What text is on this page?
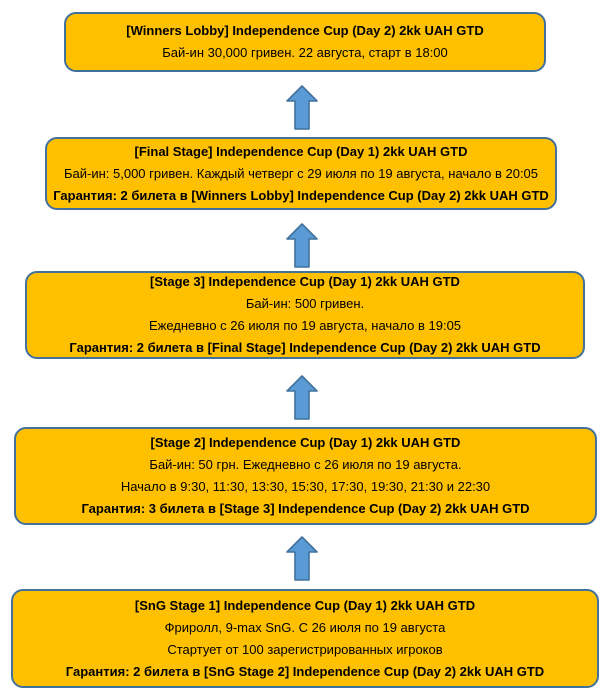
[Winners Lobby] Independence Cup (Day 2) 2kk UAH GTD
Бай-ин 30,000 гривен. 22 августа, старт в 18:00
[Final Stage] Independence Cup (Day 1) 2kk UAH GTD
Бай-ин: 5,000 гривен. Каждый четверг с 29 июля по 19 августа, начало в 20:05
Гарантия: 2 билета в [Winners Lobby] Independence Cup (Day 2) 2kk UAH GTD
[Stage 3] Independence Cup (Day 1) 2kk UAH GTD
Бай-ин: 500 гривен.
Ежедневно с 26 июля по 19 августа, начало в 19:05
Гарантия: 2 билета в [Final Stage] Independence Cup (Day 2) 2kk UAH GTD
[Stage 2] Independence Cup (Day 1) 2kk UAH GTD
Бай-ин: 50 грн. Ежедневно с 26 июля по 19 августа.
Начало в 9:30, 11:30, 13:30, 15:30, 17:30, 19:30, 21:30 и 22:30
Гарантия: 3 билета в [Stage 3] Independence Cup (Day 2) 2kk UAH GTD
[SnG Stage 1] Independence Cup (Day 1) 2kk UAH GTD
Фриролл, 9-max SnG. С 26 июля по 19 августа
Стартует от 100 зарегистрированных игроков
Гарантия: 2 билета в [SnG Stage 2] Independence Cup (Day 2) 2kk UAH GTD
